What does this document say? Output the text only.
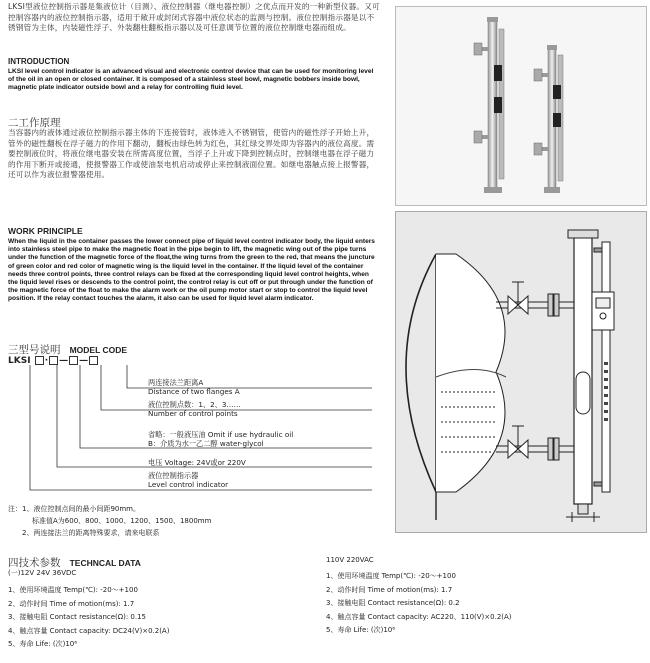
LKSI型液位控制指示器是集液位计（目测）、液位控制器（继电器控制）之优点而开发的一种新型仪器。又可控制容器内的液位控制指示器，适用于敞开或封闭式容器中液位状态的监测与控制。液位控制指示器是以不锈钢管为主体，内装磁性浮子、外装翻柱翻板指示器以及可任意调节位置的液位控制继电器而组成。
INTRODUCTION
LKSI level control indicator is an advanced visual and electronic control device that can be used for monitoring level of the oil in an open or closed container. It is composed of a stainless steel bowl, magnetic bobbers inside bowl, magnetic plate indicator outside bowl and a relay for controlling fluid level.
二工作原理
当容器内的液体通过液位控制指示器主体的下连接管时，液体进入不锈钢管，使管内的磁性浮子开始上升，管外的磁性翻板在浮子磁力的作用下翻动，翻板由绿色转为红色，其红绿交界处即为容器内的液位高度。需要控制液位时，将液位继电器安装在所需高度位置，当浮子上升或下降到控制点时，控制继电器在浮子磁力的作用下断开或接通，使报警器工作或使油泵电机启动或停止来控制液面位置。如继电器触点接上报警器，还可以作为液位报警器使用。
WORK PRINCIPLE
When the liquid in the container passes the lower connect pipe of liquid level control indicator body, the liquid enters into stainless steel pipe to make the magnetic float in the pipe begin to lift, the magnetic wing out of the pipe turns under the function of the magnetic force of the float,the wing turns from the green to the red, that means the juncture of green color and red color of magnetic wing is the liquid level in the container. If the liquid level of the container needs three control points, three control relays can be fixed at the corresponding liquid level control heights, when the liquid level rises or descends to the control point, the control relay is cut off or put through under the function of the magnetic force of the float to make the alarm work or the oil pump motor start or stop to control the liquid level position. If the relay contact touches the alarm, it also can be used for liquid level alarm indicator.
三型号说明 MODEL CODE
LKSI · — —
两连接法兰距离A
Distance of two flanges A
液位控制点数：1、2、3……
Number of control points
省略：一般液压油 Omit if use hydraulic oil
B：介质为水一乙二醇 water-glycol
电压 Voltage: 24V或or 220V
液位控制指示器
Level control indicator
注：1、液位控制点间的最小间距90mm。
标准值A为600、800、1000、1200、1500、1800mm
2、两连接法兰的距离特殊要求，请来电联系
四技术参数 TECHNCAL DATA
(一)12V 24V 36VDC
1、使用环境温度 Temp(℃): -20～+100
2、动作时间 Time of motion(ms): 1.7
3、接触电阻 Contact resistance(Ω): 0.15
4、触点容量 Contact capacity: DC24(V)×0.2(A)
5、寿命 Life: (次)10⁶
110V 220VAC
1、使用环境温度 Temp(℃): -20～+100
2、动作时间 Time of motion(ms): 1.7
3、接触电阻 Contact resistance(Ω): 0.2
4、触点容量 Contact capacity: AC220、110(V)×0.2(A)
5、寿命 Life: (次)10⁶
